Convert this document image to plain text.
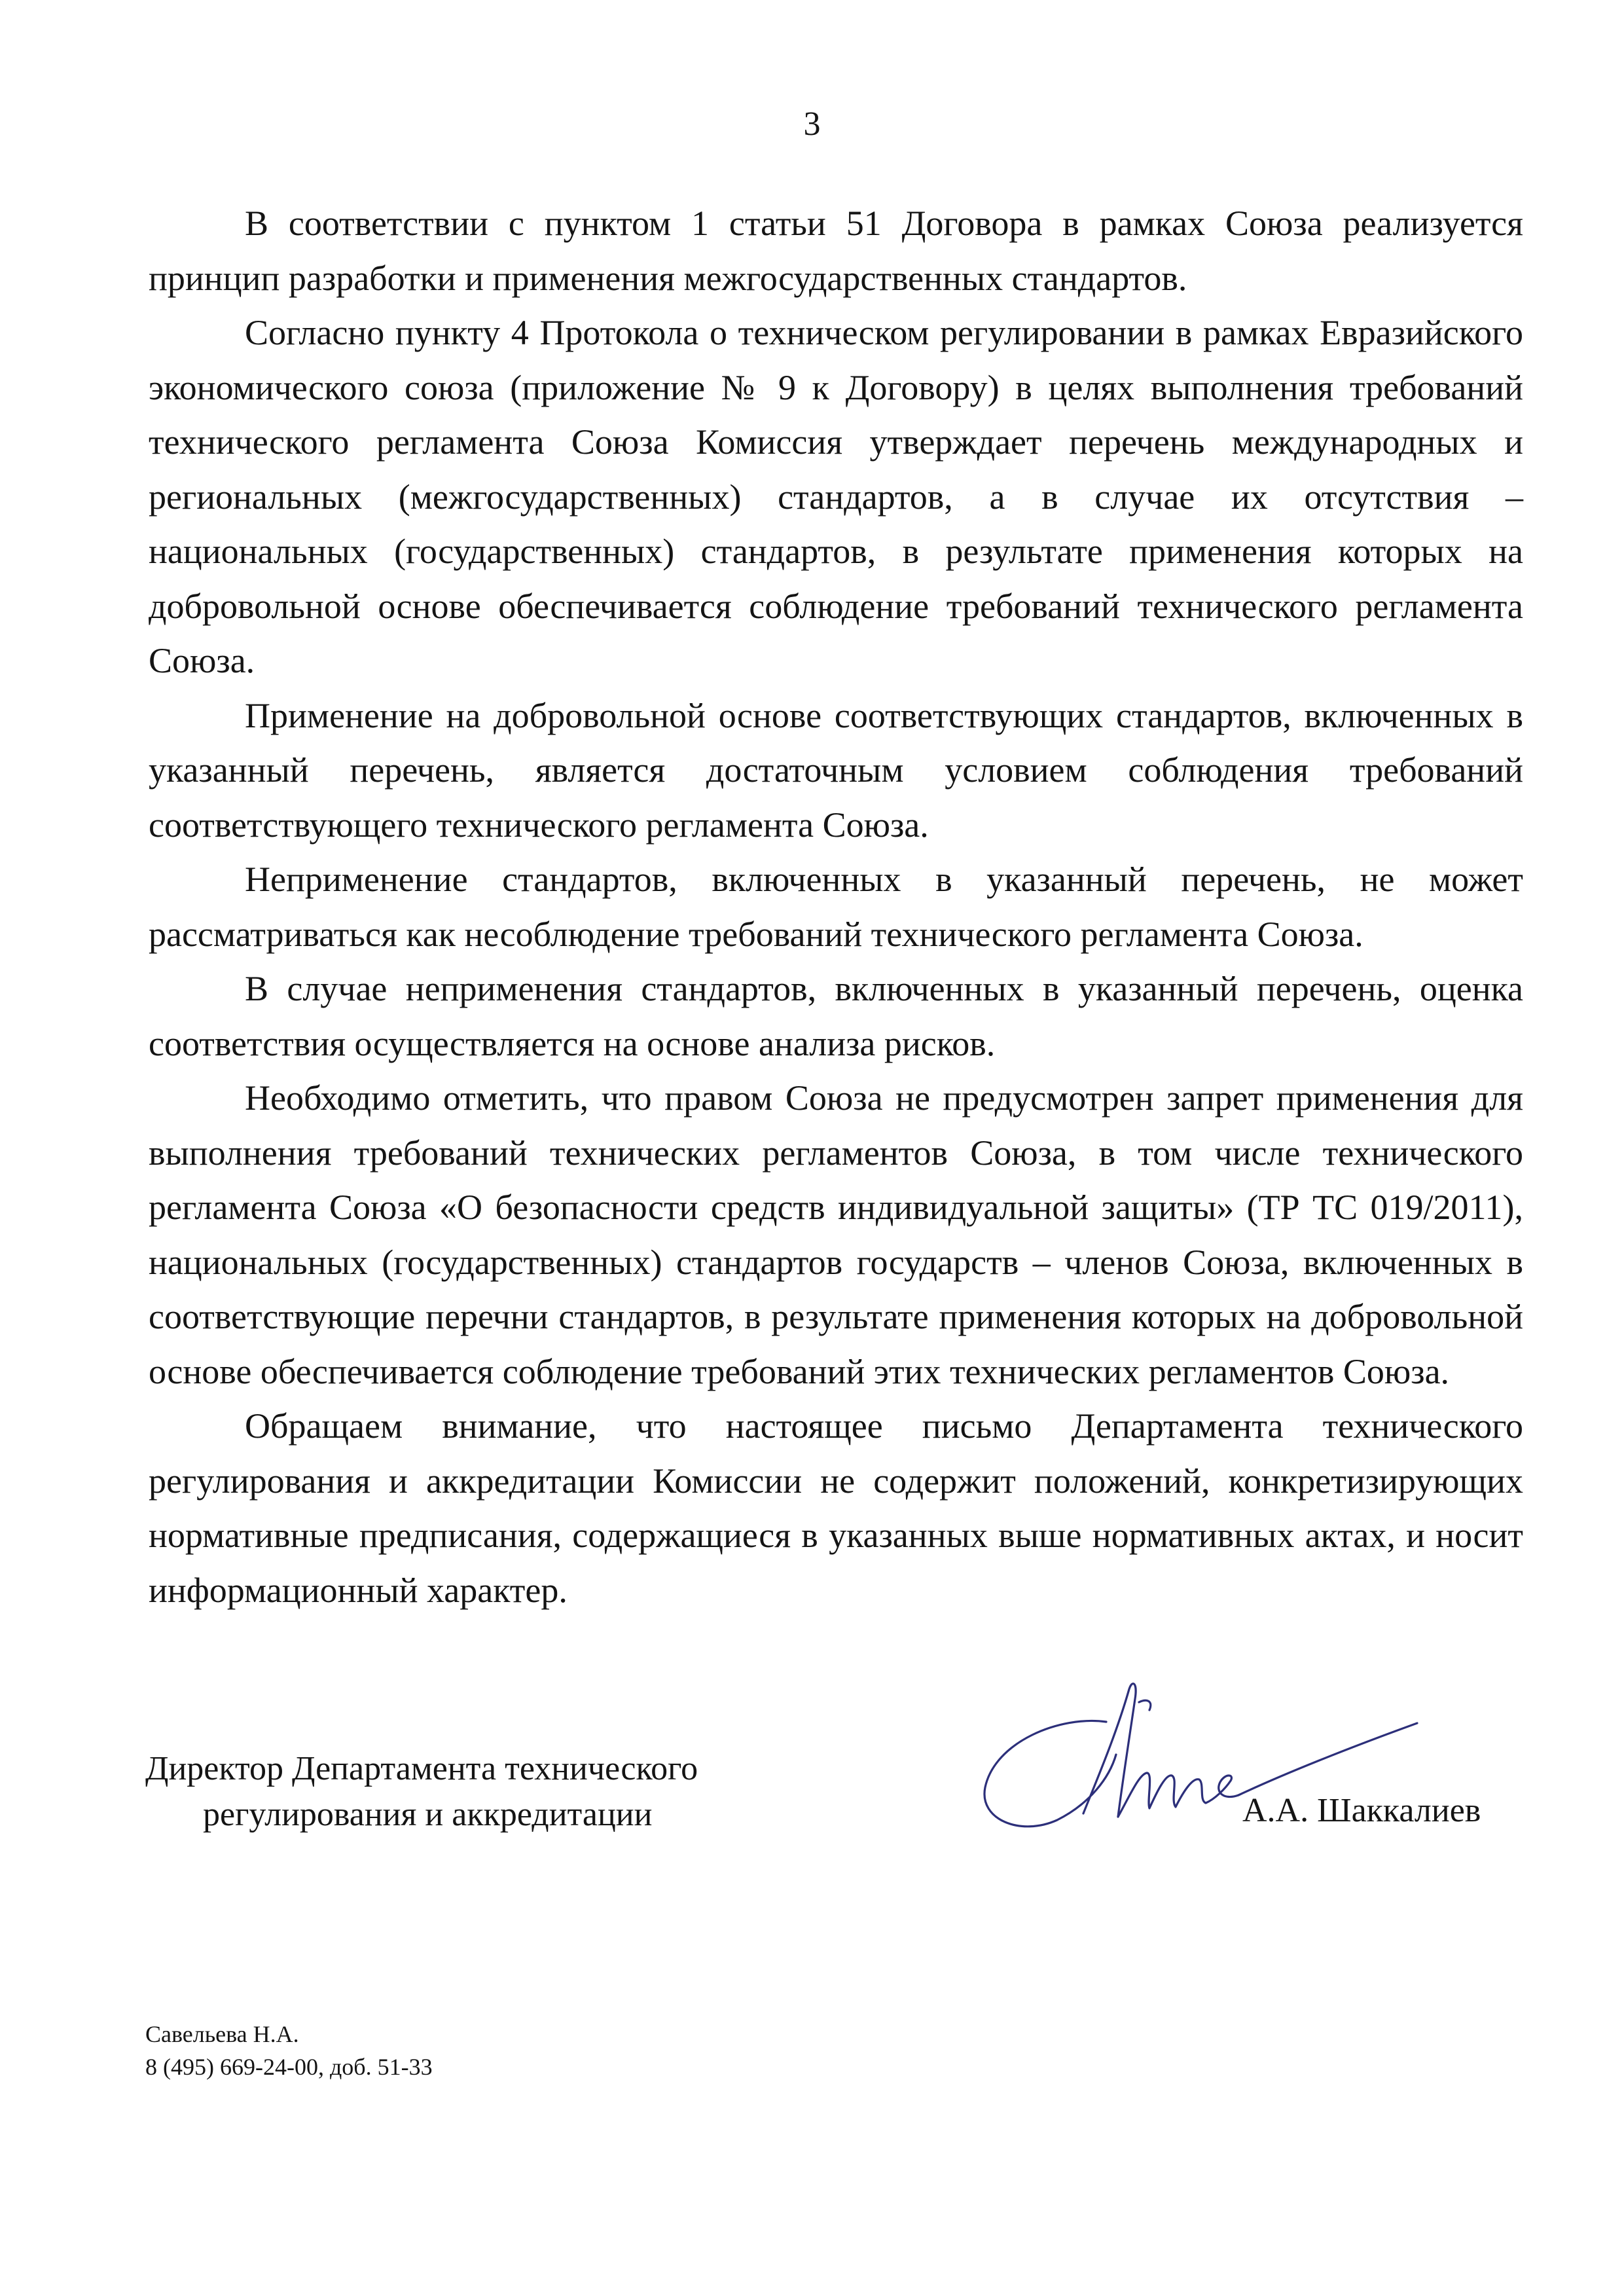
3

В соответствии с пунктом 1 статьи 51 Договора в рамках Союза реализуется принцип разработки и применения межгосударственных стандартов.

Согласно пункту 4 Протокола о техническом регулировании в рамках Евразийского экономического союза (приложение № 9 к Договору) в целях выполнения требований технического регламента Союза Комиссия утверждает перечень международных и региональных (межгосударственных) стандартов, а в случае их отсутствия – национальных (государственных) стандартов, в результате применения которых на добровольной основе обеспечивается соблюдение требований технического регламента Союза.

Применение на добровольной основе соответствующих стандартов, включенных в указанный перечень, является достаточным условием соблюдения требований соответствующего технического регламента Союза.

Неприменение стандартов, включенных в указанный перечень, не может рассматриваться как несоблюдение требований технического регламента Союза.

В случае неприменения стандартов, включенных в указанный перечень, оценка соответствия осуществляется на основе анализа рисков.

Необходимо отметить, что правом Союза не предусмотрен запрет применения для выполнения требований технических регламентов Союза, в том числе технического регламента Союза «О безопасности средств индивидуальной защиты» (ТР ТС 019/2011), национальных (государственных) стандартов государств – членов Союза, включенных в соответствующие перечни стандартов, в результате применения которых на добровольной основе обеспечивается соблюдение требований этих технических регламентов Союза.

Обращаем внимание, что настоящее письмо Департамента технического регулирования и аккредитации Комиссии не содержит положений, конкретизирующих нормативные предписания, содержащиеся в указанных выше нормативных актах, и носит информационный характер.

Директор Департамента технического
регулирования и аккредитации	А.А. Шаккалиев
Савельева Н.А.
8 (495) 669-24-00, доб. 51-33
